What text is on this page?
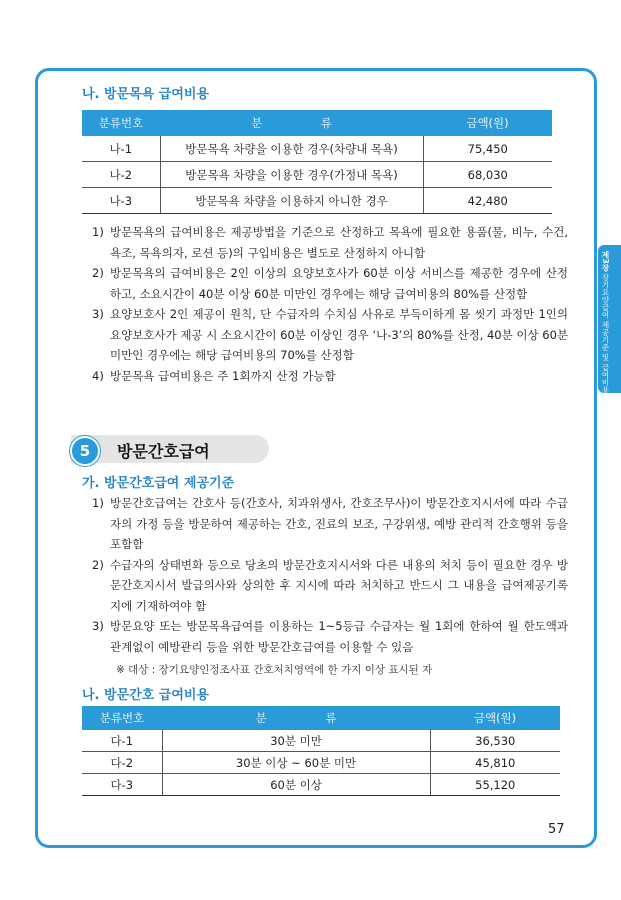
제3장 장기요양급여 제공기준 및 급여비용 산정방법
나. 방문목욕 급여비용
분류번호	분                류	금액(원)
나-1	방문목욕 차량을 이용한 경우(차량내 목욕)	75,450
나-2	방문목욕 차량을 이용한 경우(가정내 목욕)	68,030
나-3	방문목욕 차량을 이용하지 아니한 경우	42,480
1) 방문목욕의 급여비용은 제공방법을 기준으로 산정하고 목욕에 필요한 용품(물, 비누, 수건, 욕조, 목욕의자, 로션 등)의 구입비용은 별도로 산정하지 아니함
2) 방문목욕의 급여비용은 2인 이상의 요양보호사가 60분 이상 서비스를 제공한 경우에 산정하고, 소요시간이 40분 이상 60분 미만인 경우에는 해당 급여비용의 80%를 산정함
3) 요양보호사 2인 제공이 원칙, 단 수급자의 수치심 사유로 부득이하게 몸 씻기 과정만 1인의 요양보호사가 제공 시 소요시간이 60분 이상인 경우 ‘나-3’의 80%를 산정, 40분 이상 60분 미만인 경우에는 해당 급여비용의 70%를 산정함
4) 방문목욕 급여비용은 주 1회까지 산정 가능함
5	방문간호급여
가. 방문간호급여 제공기준
1) 방문간호급여는 간호사 등(간호사, 치과위생사, 간호조무사)이 방문간호지시서에 따라 수급자의 가정 등을 방문하여 제공하는 간호, 진료의 보조, 구강위생, 예방 관리적 간호행위 등을 포함함
2) 수급자의 상태변화 등으로 당초의 방문간호지시서와 다른 내용의 처치 등이 필요한 경우 방문간호지시서 발급의사와 상의한 후 지시에 따라 처치하고 반드시 그 내용을 급여제공기록지에 기재하여야 함
3) 방문요양 또는 방문목욕급여를 이용하는 1~5등급 수급자는 월 1회에 한하여 월 한도액과 관계없이 예방관리 등을 위한 방문간호급여를 이용할 수 있음
※ 대상 : 장기요양인정조사표 간호처치영역에 한 가지 이상 표시된 자
나. 방문간호 급여비용
분류번호	분                류	금액(원)
다-1	30분 미만	36,530
다-2	30분 이상 ~ 60분 미만	45,810
다-3	60분 이상	55,120
57
